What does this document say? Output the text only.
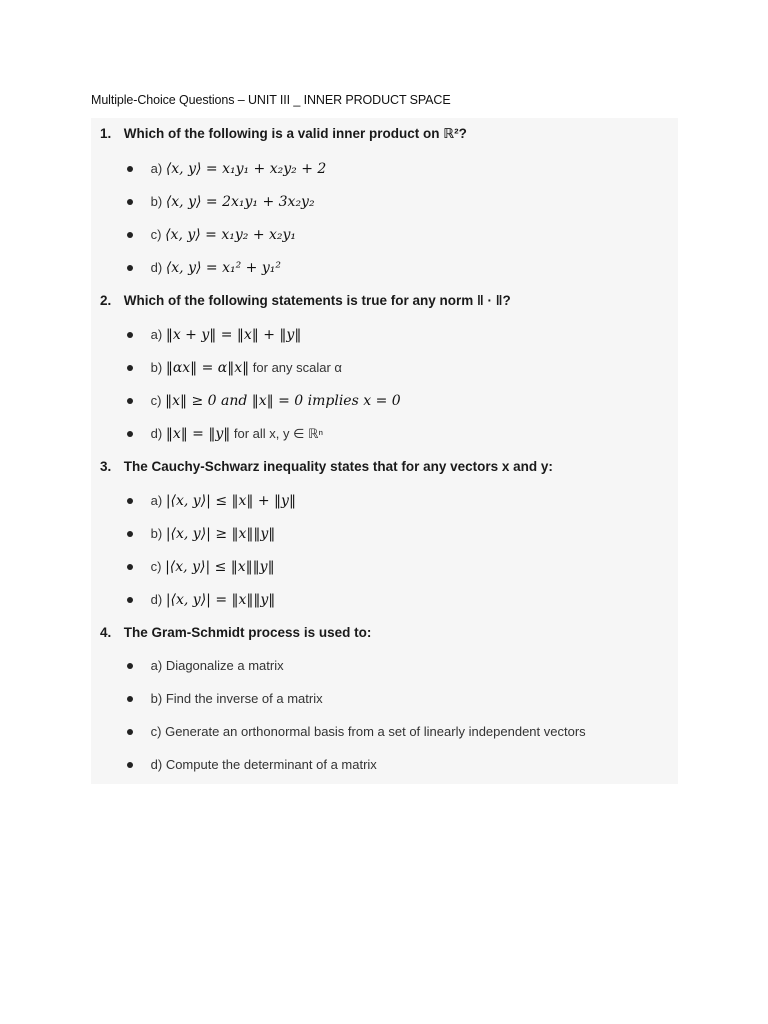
Multiple-Choice Questions – UNIT III _ INNER PRODUCT SPACE
1. Which of the following is a valid inner product on ℝ²?
a) ⟨x, y⟩ = x₁y₁ + x₂y₂ + 2
b) ⟨x, y⟩ = 2x₁y₁ + 3x₂y₂
c) ⟨x, y⟩ = x₁y₂ + x₂y₁
d) ⟨x, y⟩ = x₁² + y₁²
2. Which of the following statements is true for any norm ‖ · ‖?
a) ‖x + y‖ = ‖x‖ + ‖y‖
b) ‖αx‖ = α‖x‖ for any scalar α
c) ‖x‖ ≥ 0 and ‖x‖ = 0 implies x = 0
d) ‖x‖ = ‖y‖ for all x, y ∈ ℝⁿ
3. The Cauchy-Schwarz inequality states that for any vectors x and y:
a) |⟨x, y⟩| ≤ ‖x‖ + ‖y‖
b) |⟨x, y⟩| ≥ ‖x‖‖y‖
c) |⟨x, y⟩| ≤ ‖x‖‖y‖
d) |⟨x, y⟩| = ‖x‖‖y‖
4. The Gram-Schmidt process is used to:
a) Diagonalize a matrix
b) Find the inverse of a matrix
c) Generate an orthonormal basis from a set of linearly independent vectors
d) Compute the determinant of a matrix
